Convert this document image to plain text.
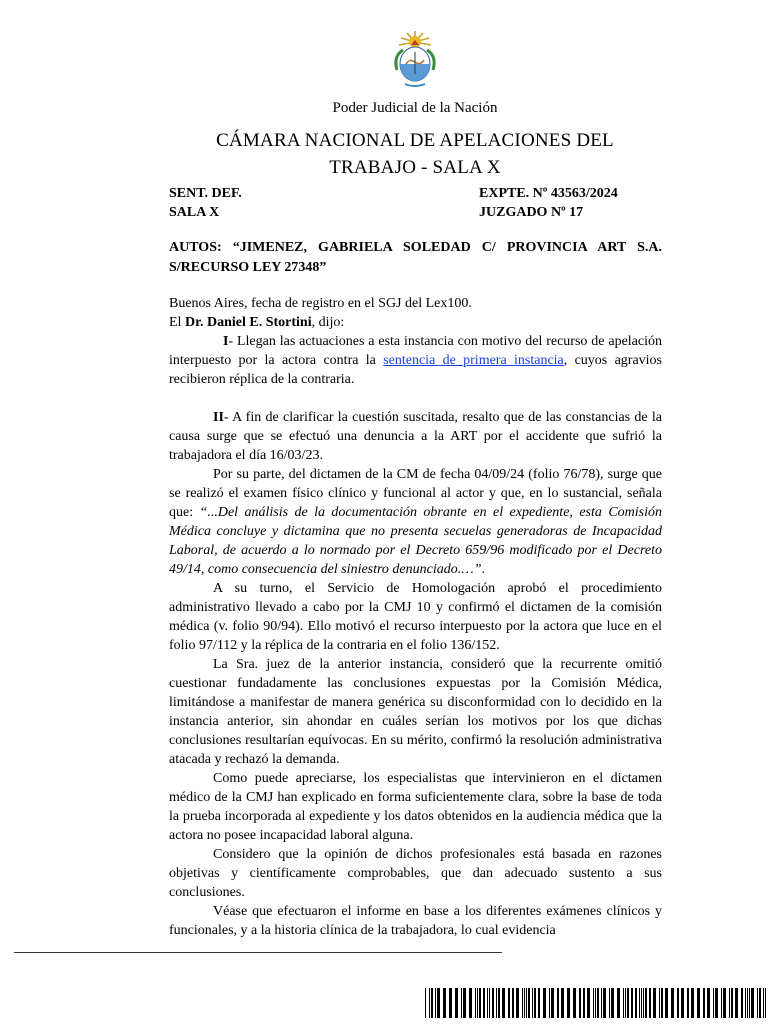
Poder Judicial de la Nación
CÁMARA NACIONAL DE APELACIONES DEL
TRABAJO - SALA X
SENT. DEF.
SALA X
EXPTE. Nº 43563/2024
JUZGADO Nº 17
AUTOS: “JIMENEZ, GABRIELA SOLEDAD C/ PROVINCIA ART S.A. S/RECURSO LEY 27348”

Buenos Aires, fecha de registro en el SGJ del Lex100.

El Dr. Daniel E. Stortini, dijo:

I- Llegan las actuaciones a esta instancia con motivo del recurso de apelación interpuesto por la actora contra la sentencia de primera instancia, cuyos agravios recibieron réplica de la contraria.

II- A fin de clarificar la cuestión suscitada, resalto que de las constancias de la causa surge que se efectuó una denuncia a la ART por el accidente que sufrió la trabajadora el día 16/03/23.

Por su parte, del dictamen de la CM de fecha 04/09/24 (folio 76/78), surge que se realizó el examen físico clínico y funcional al actor y que, en lo sustancial, señala que: “...Del análisis de la documentación obrante en el expediente, esta Comisión Médica concluye y dictamina que no presenta secuelas generadoras de Incapacidad Laboral, de acuerdo a lo normado por el Decreto 659/96 modificado por el Decreto 49/14, como consecuencia del siniestro denunciado.…”.

A su turno, el Servicio de Homologación aprobó el procedimiento administrativo llevado a cabo por la CMJ 10 y confirmó el dictamen de la comisión médica (v. folio 90/94). Ello motivó el recurso interpuesto por la actora que luce en el folio 97/112 y la réplica de la contraria en el folio 136/152.

La Sra. juez de la anterior instancia, consideró que la recurrente omitió cuestionar fundadamente las conclusiones expuestas por la Comisión Médica, limitándose a manifestar de manera genérica su disconformidad con lo decidido en la instancia anterior, sin ahondar en cuáles serían los motivos por los que dichas conclusiones resultarían equívocas. En su mérito, confirmó la resolución administrativa atacada y rechazó la demanda.

Como puede apreciarse, los especialistas que intervinieron en el dictamen médico de la CMJ han explicado en forma suficientemente clara, sobre la base de toda la prueba incorporada al expediente y los datos obtenidos en la audiencia médica que la actora no posee incapacidad laboral alguna.

Considero que la opinión de dichos profesionales está basada en razones objetivas y científicamente comprobables, que dan adecuado sustento a sus conclusiones.

Véase que efectuaron el informe en base a los diferentes exámenes clínicos y funcionales, y a la historia clínica de la trabajadora, lo cual evidencia
